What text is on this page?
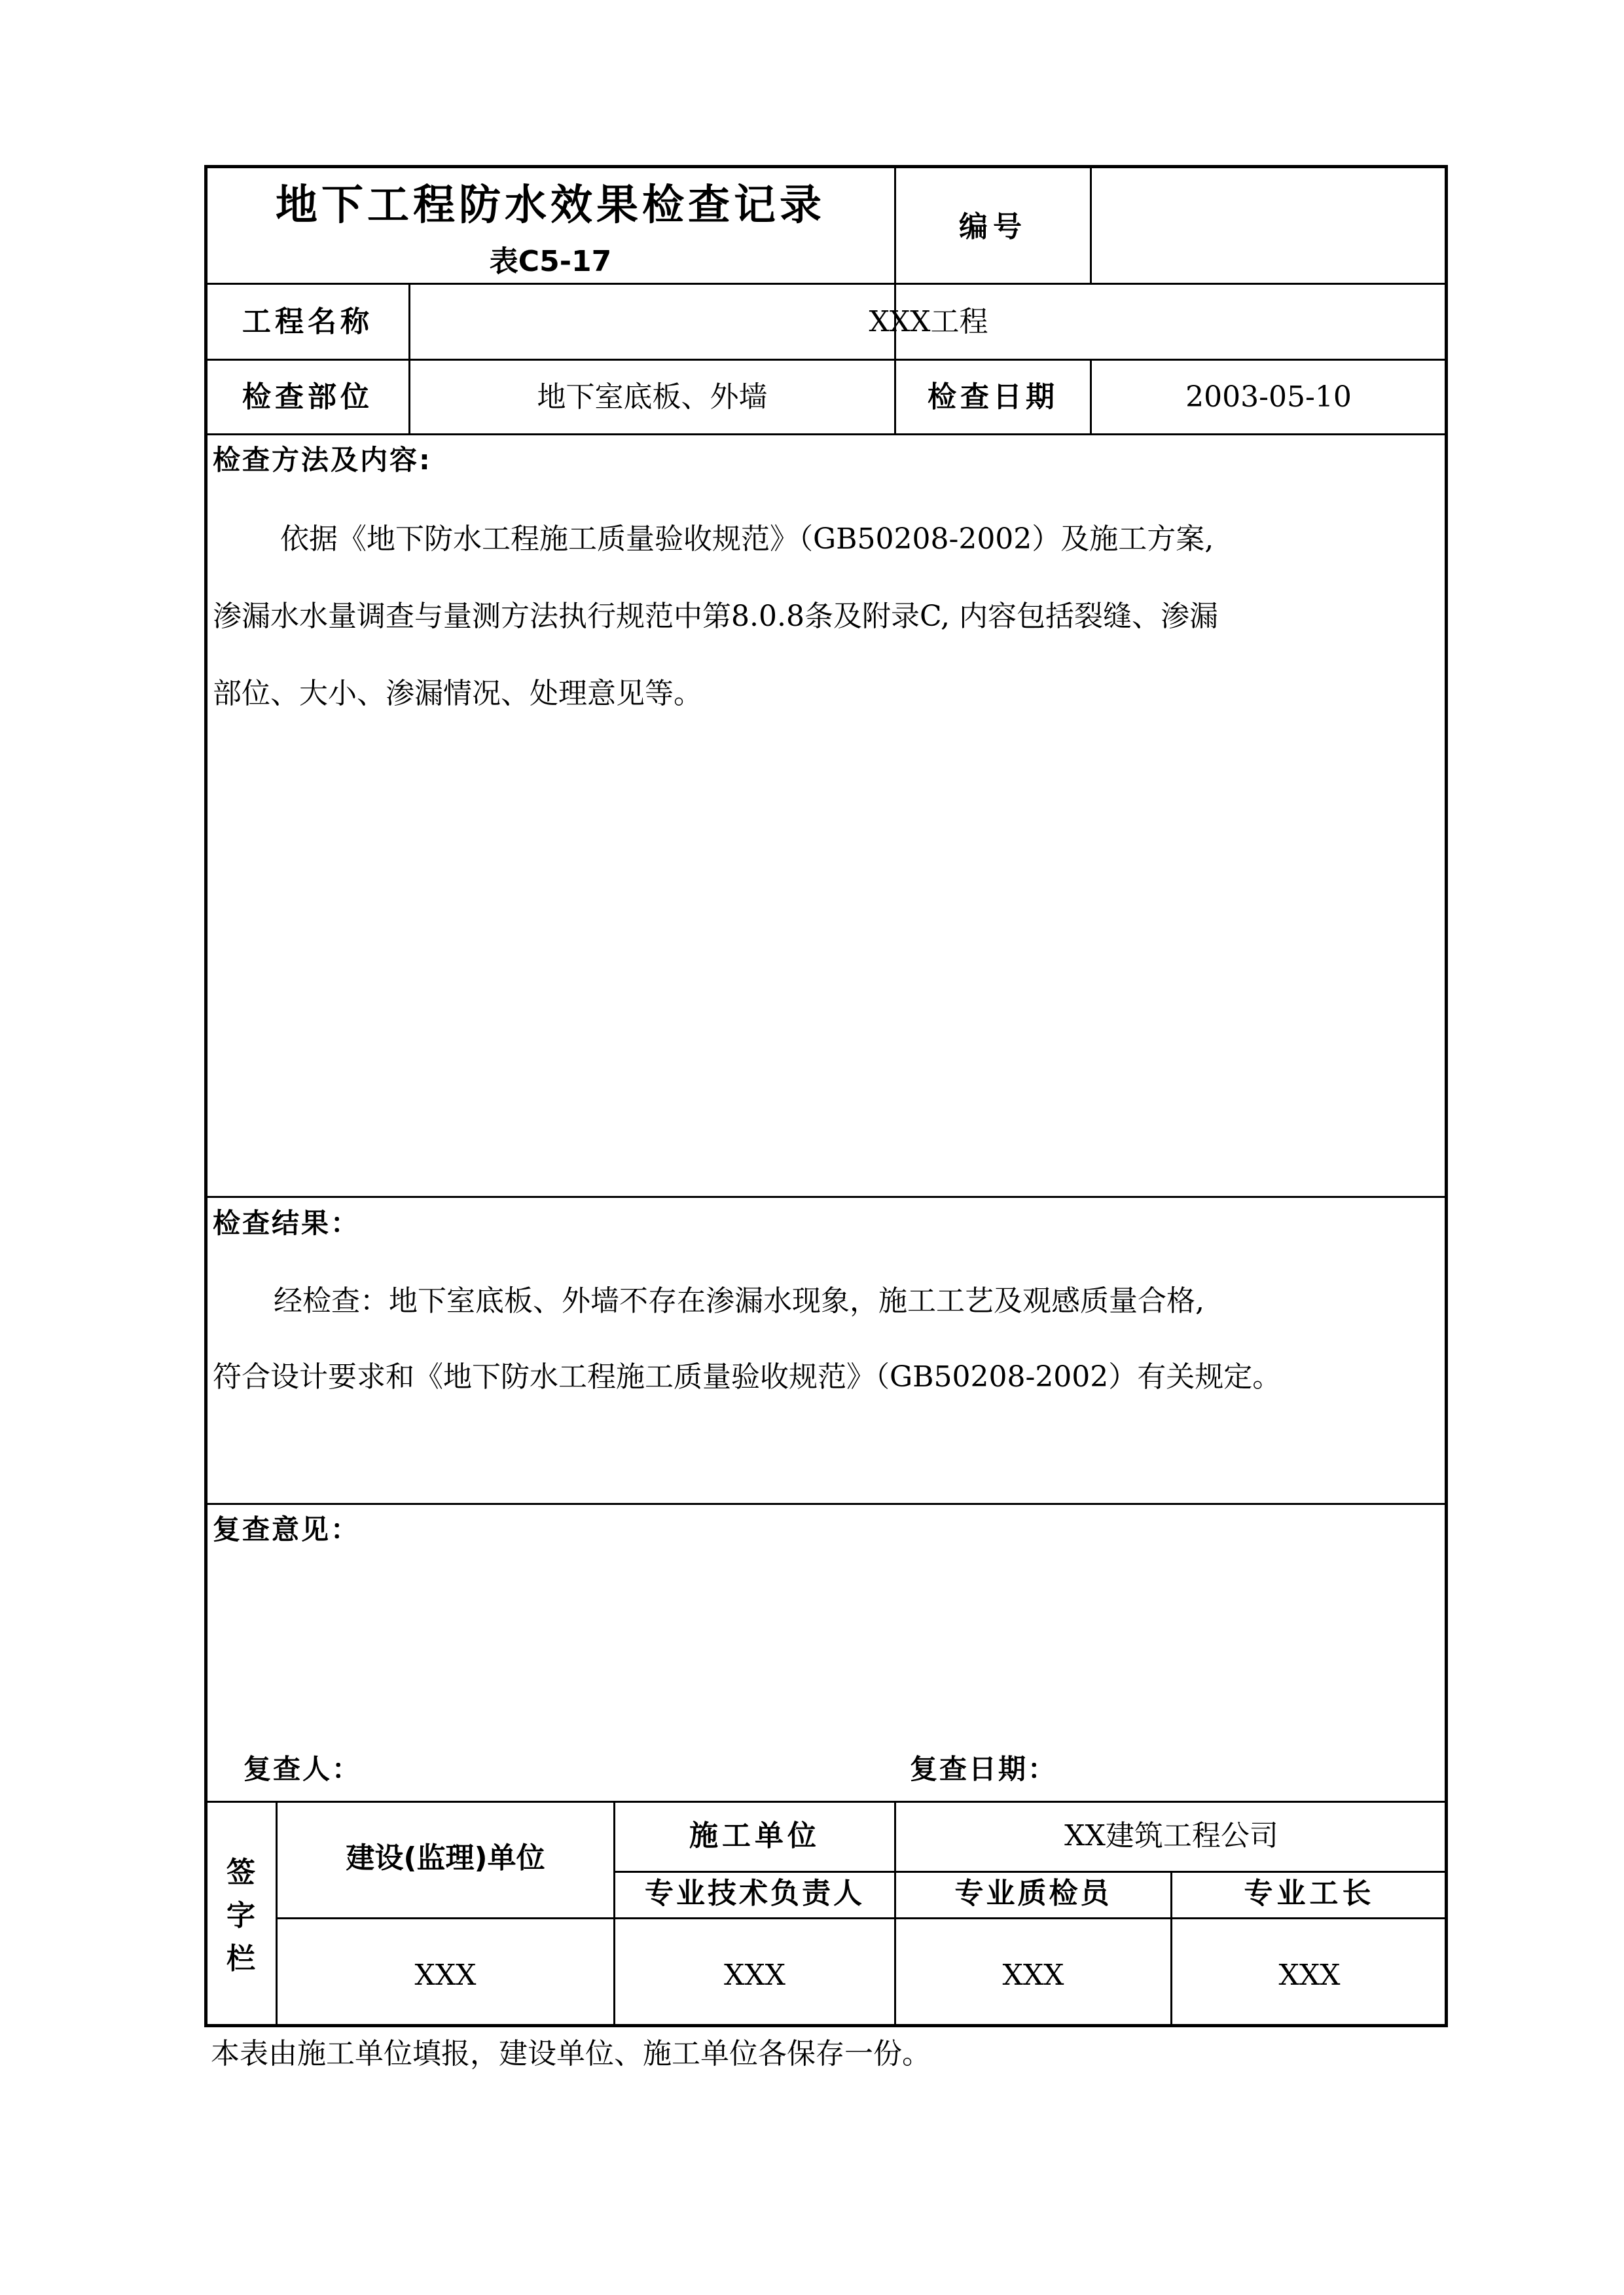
地下工程防水效果检查记录
表C5-17
编号
工程名称	XXX工程
检查部位	地下室底板、外墙	检查日期	2003-05-10
检查方法及内容:
依据《地下防水工程施工质量验收规范》（GB50208-2002）及施工方案,
渗漏水水量调查与量测方法执行规范中第8.0.8条及附录C, 内容包括裂缝、渗漏
部位、大小、渗漏情况、处理意见等。
检查结果：
经检查：地下室底板、外墙不存在渗漏水现象，施工工艺及观感质量合格,
符合设计要求和《地下防水工程施工质量验收规范》（GB50208-2002）有关规定。
复查意见：
复查人：	复查日期：
签字栏
建设(监理)单位
施工单位	XX建筑工程公司
专业技术负责人	专业质检员	专业工长
XXX	XXX	XXX	XXX
本表由施工单位填报，建设单位、施工单位各保存一份。
